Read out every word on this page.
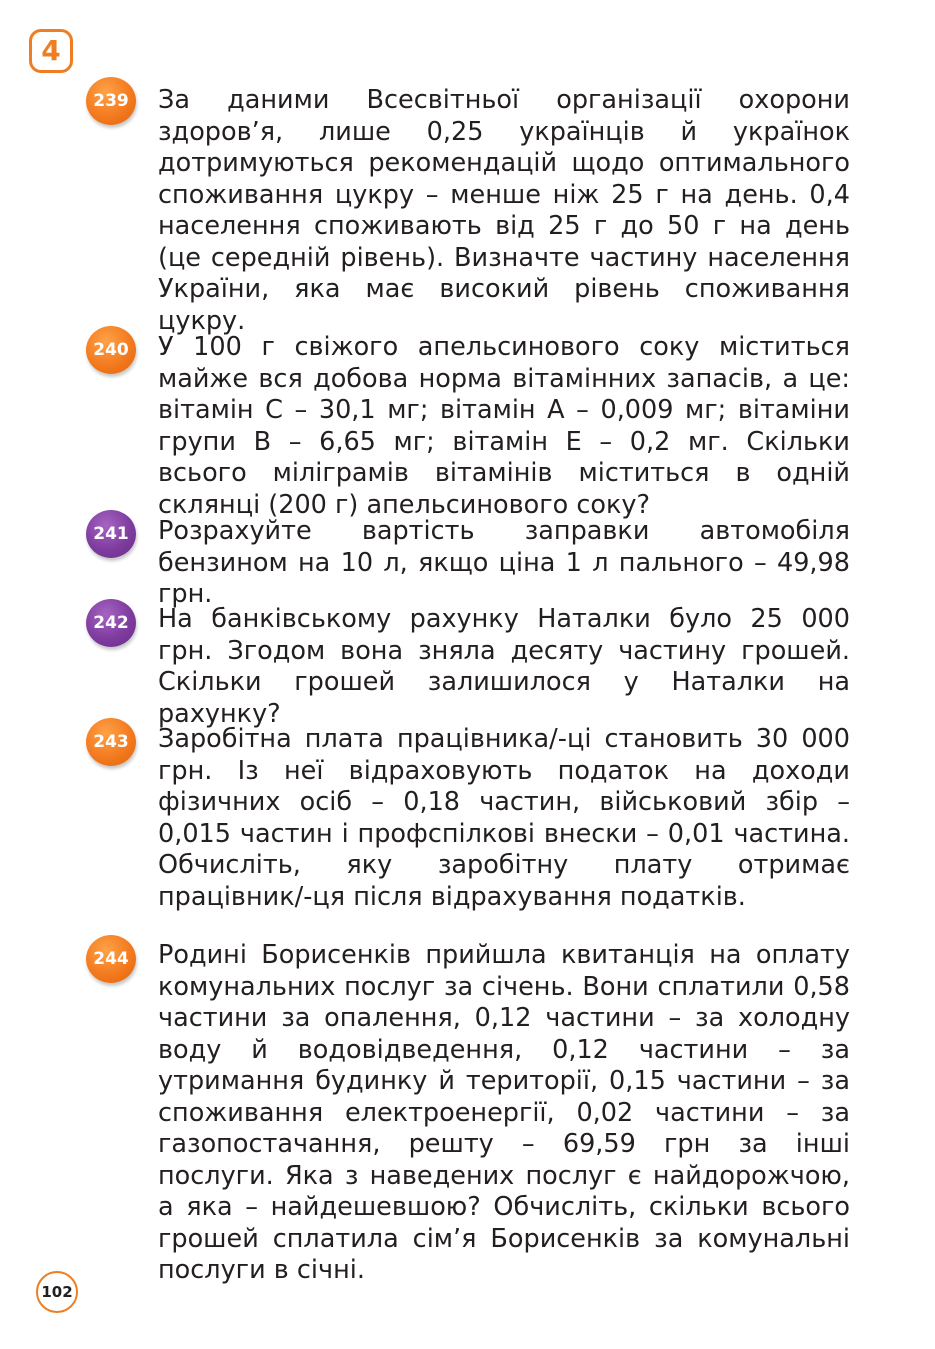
4
239 За даними Всесвітньої організації охорони здоров’я, лише 0,25 українців й українок дотримуються рекомендацій щодо оптимального споживання цукру – менше ніж 25 г на день. 0,4 населення споживають від 25 г до 50 г на день (це середній рівень). Визначте частину населення України, яка має високий рівень споживання цукру.

240 У 100 г свіжого апельсинового соку міститься майже вся добова норма вітамінних запасів, а це: вітамін С – 30,1 мг; вітамін А – 0,009 мг; вітаміни групи В – 6,65 мг; вітамін Е – 0,2 мг. Скільки всього міліграмів вітамінів міститься в одній склянці (200 г) апельсинового соку?

241 Розрахуйте вартість заправки автомобіля бензином на 10 л, якщо ціна 1 л пального – 49,98 грн.

242 На банківському рахунку Наталки було 25 000 грн. Згодом вона зняла десяту частину грошей. Скільки грошей залишилося у Наталки на рахунку?

243 Заробітна плата працівника/-ці становить 30 000 грн. Із неї відраховують податок на доходи фізичних осіб – 0,18 частин, військовий збір – 0,015 частин і профспілкові внески – 0,01 частина. Обчисліть, яку заробітну плату отримає працівник/-ця після відрахування податків.

244 Родині Борисенків прийшла квитанція на оплату комунальних послуг за січень. Вони сплатили 0,58 частини за опалення, 0,12 частини – за холодну воду й водовідведення, 0,12 частини – за утримання будинку й території, 0,15 частини – за споживання електроенергії, 0,02 частини – за газопостачання, решту – 69,59 грн за інші послуги. Яка з наведених послуг є найдорожчою, а яка – найдешевшою? Обчисліть, скільки всього грошей сплатила сім’я Борисенків за комунальні послуги в січні.

102
